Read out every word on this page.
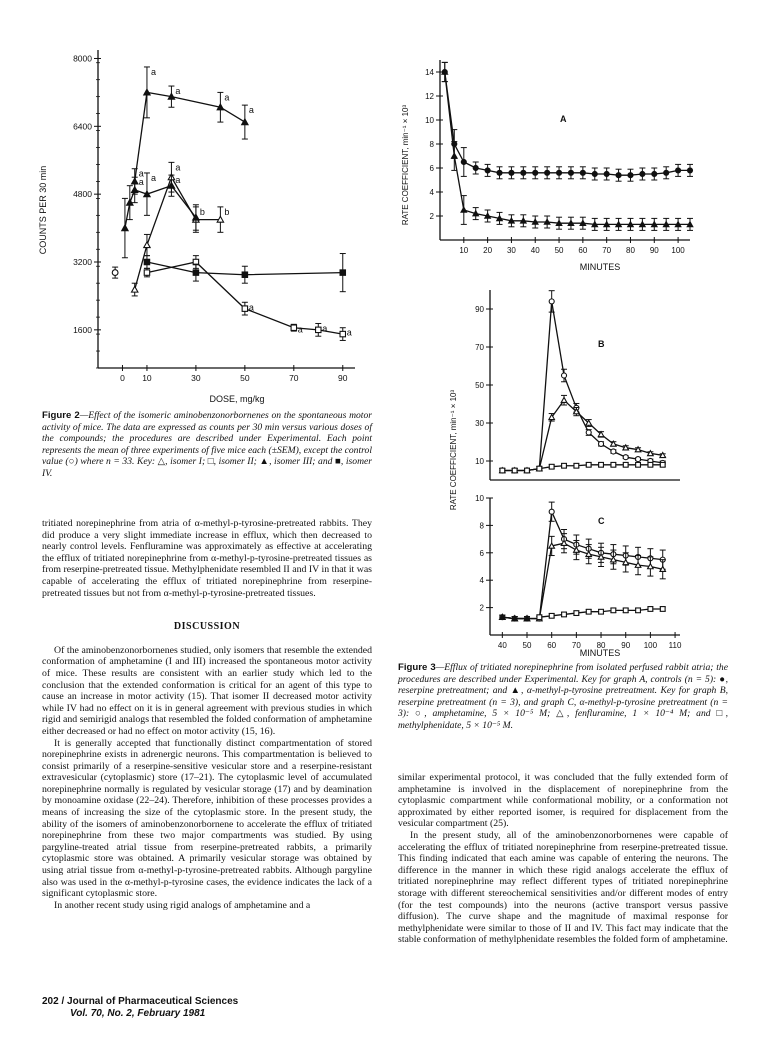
1600
3200
4800
6400
8000
0 10	30	50	70	90
a
b b
a
a a a
a a a
a
a
a
a
a
DOSE, mg/kg
COUNTS PER 30 min
Figure 2—Effect of the isomeric aminobenzonorbornenes on the spontaneous motor activity of mice. The data are expressed as counts per 30 min versus various doses of the compounds; the procedures are described under Experimental. Each point represents the mean of three experiments of five mice each (±SEM), except the control value (○) where n = 33. Key: △, isomer I; □, isomer II; ▲, isomer III; and ■, isomer IV.
2
4
6
8
10
12
14
10 20 30 40 50 60 70 80 90 100
A
MINUTES
RATE COEFFICIENT, min⁻¹ × 10³
10
30
50
70
90
2
4
6
8
10
40 50 60 70 80 90 100 110
B
C
MINUTES
RATE COEFFICIENT, min⁻¹ × 10³
Figure 3—Efflux of tritiated norepinephrine from isolated perfused rabbit atria; the procedures are described under Experimental. Key for graph A, controls (n = 5): ●, reserpine pretreatment; and ▲, α-methyl-p-tyrosine pretreatment. Key for graph B, reserpine pretreatment (n = 3), and graph C, α-methyl-p-tyrosine pretreatment (n = 3): ○, amphetamine, 5 × 10⁻⁵ M; △, fenfluramine, 1 × 10⁻⁴ M; and □, methylphenidate, 5 × 10⁻⁵ M.

tritiated norepinephrine from atria of α-methyl-p-tyrosine-pretreated rabbits. They did produce a very slight immediate increase in efflux, which then decreased to nearly control levels. Fenfluramine was approximately as effective at accelerating the efflux of tritiated norepinephrine from α-methyl-p-tyrosine-pretreated tissues as from reserpine-pretreated tissue. Methylphenidate resembled II and IV in that it was capable of accelerating the efflux of tritiated norepinephrine from reserpine-pretreated tissues but not from α-methyl-p-tyrosine-pretreated tissues.

DISCUSSION

Of the aminobenzonorbornenes studied, only isomers that resemble the extended conformation of amphetamine (I and III) increased the spontaneous motor activity of mice. These results are consistent with an earlier study which led to the conclusion that the extended conformation is critical for an agent of this type to cause an increase in motor activity (15). That isomer II decreased motor activity while IV had no effect on it is in general agreement with previous studies in which rigid and semirigid analogs that resembled the folded conformation of amphetamine either decreased or had no effect on motor activity (15, 16).

It is generally accepted that functionally distinct compartmentation of stored norepinephrine exists in adrenergic neurons. This compartmentation is believed to consist primarily of a reserpine-sensitive vesicular store and a reserpine-resistant extravesicular (cytoplasmic) store (17–21). The cytoplasmic level of accumulated norepinephrine normally is regulated by vesicular storage (17) and by deamination by monoamine oxidase (22–24). Therefore, inhibition of these processes provides a means of increasing the size of the cytoplasmic store. In the present study, the ability of the isomers of aminobenzonorbornene to accelerate the efflux of tritiated norepinephrine from these two major compartments was studied. By using pargyline-treated atrial tissue from reserpine-pretreated rabbits, a primarily cytoplasmic store was obtained. A primarily vesicular storage was obtained by using atrial tissue from α-methyl-p-tyrosine-pretreated rabbits. Although pargyline also was used in the α-methyl-p-tyrosine cases, the evidence indicates the lack of a significant cytoplasmic store.

In another recent study using rigid analogs of amphetamine and a

similar experimental protocol, it was concluded that the fully extended form of amphetamine is involved in the displacement of norepinephrine from the cytoplasmic compartment while conformational mobility, or a conformation not approximated by either reported isomer, is required for displacement from the vesicular compartment (25).

In the present study, all of the aminobenzonorbornenes were capable of accelerating the efflux of tritiated norepinephrine from reserpine-pretreated tissue. This finding indicated that each amine was capable of entering the neurons. The difference in the manner in which these rigid analogs accelerate the efflux of tritiated norepinephrine may reflect different types of tritiated norepinephrine storage with different stereochemical sensitivities and/or different modes of entry (for the test compounds) into the neurons (active transport versus passive diffusion). The curve shape and the magnitude of maximal response for methylphenidate were similar to those of II and IV. This fact may indicate that the stable conformation of methylphenidate resembles the folded form of amphetamine.

202 / Journal of Pharmaceutical Sciences
Vol. 70, No. 2, February 1981
